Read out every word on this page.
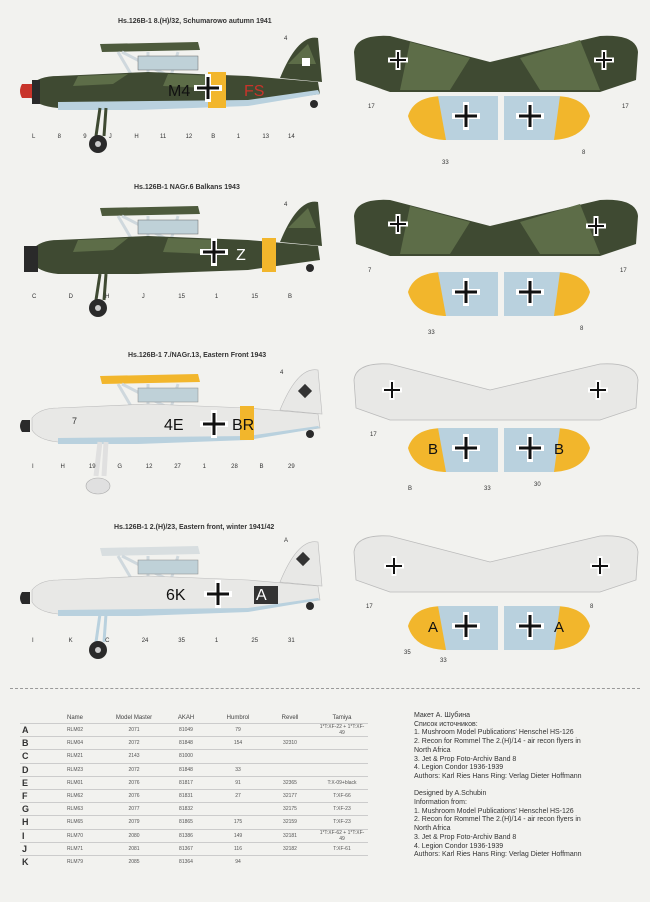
Hs.126B-1 8.(H)/32, Schumarowo autumn 1941
M4	FS
4
L	8	9	J	H	11	12	B	1	13	14
17	17
33
8
Hs.126B-1 NAGr.6 Balkans 1943
Z
4
C	D	H	J	15	1	15	B
7	17
33
8
Hs.126B-1 7./NAGr.13, Eastern Front 1943
7	4E	BR
4
I	H	19	G	12	27	1	28	B	29
17
B	B
B	33
30
Hs.126B-1 2.(H)/23, Eastern front, winter 1941/42
6K	A
A
I	K	C	24	35	1	25	31
17	8
A	A
35
33
	Name	Model Master	AKAH	Humbrol	Revell	Tamiya
A	RLM02	2071	81049	79		1*T:XF-22 + 1*T:XF-49
B	RLM04	2072	81848	154	32310	
C	RLM21	2143	81000			
D	RLM23	2072	81848	33		
E	RLM01	2076	81817	91	32365	T:X-09+black
F	RLM62	2076	81831	27	32177	T:XF-66
G	RLM63	2077	81832		32175	T:XF-23
H	RLM65	2079	81865	175	32159	T:XF-23
I	RLM70	2080	81386	149	32181	1*T:XF-62 + 1*T:XF-49
J	RLM71	2081	81367	116	32182	T:XF-61
K	RLM79	2085	81364	94		
Макет А. Шубина
Список источников:
1. Mushroom Model Publications' Henschel HS-126
2. Recon for Rommel The 2.(H)/14 - air recon flyers in
North Africa
3. Jet & Prop Foto-Archiv Band 8
4. Legion Condor 1936-1939
Authors: Karl Ries Hans Ring: Verlag Dieter Hoffmann

Designed by A.Schubin
Information from:
1. Mushroom Model Publications' Henschel HS-126
2. Recon for Rommel The 2.(H)/14 - air recon flyers in
North Africa
3. Jet & Prop Foto-Archiv Band 8
4. Legion Condor 1936-1939
Authors: Karl Ries Hans Ring: Verlag Dieter Hoffmann
